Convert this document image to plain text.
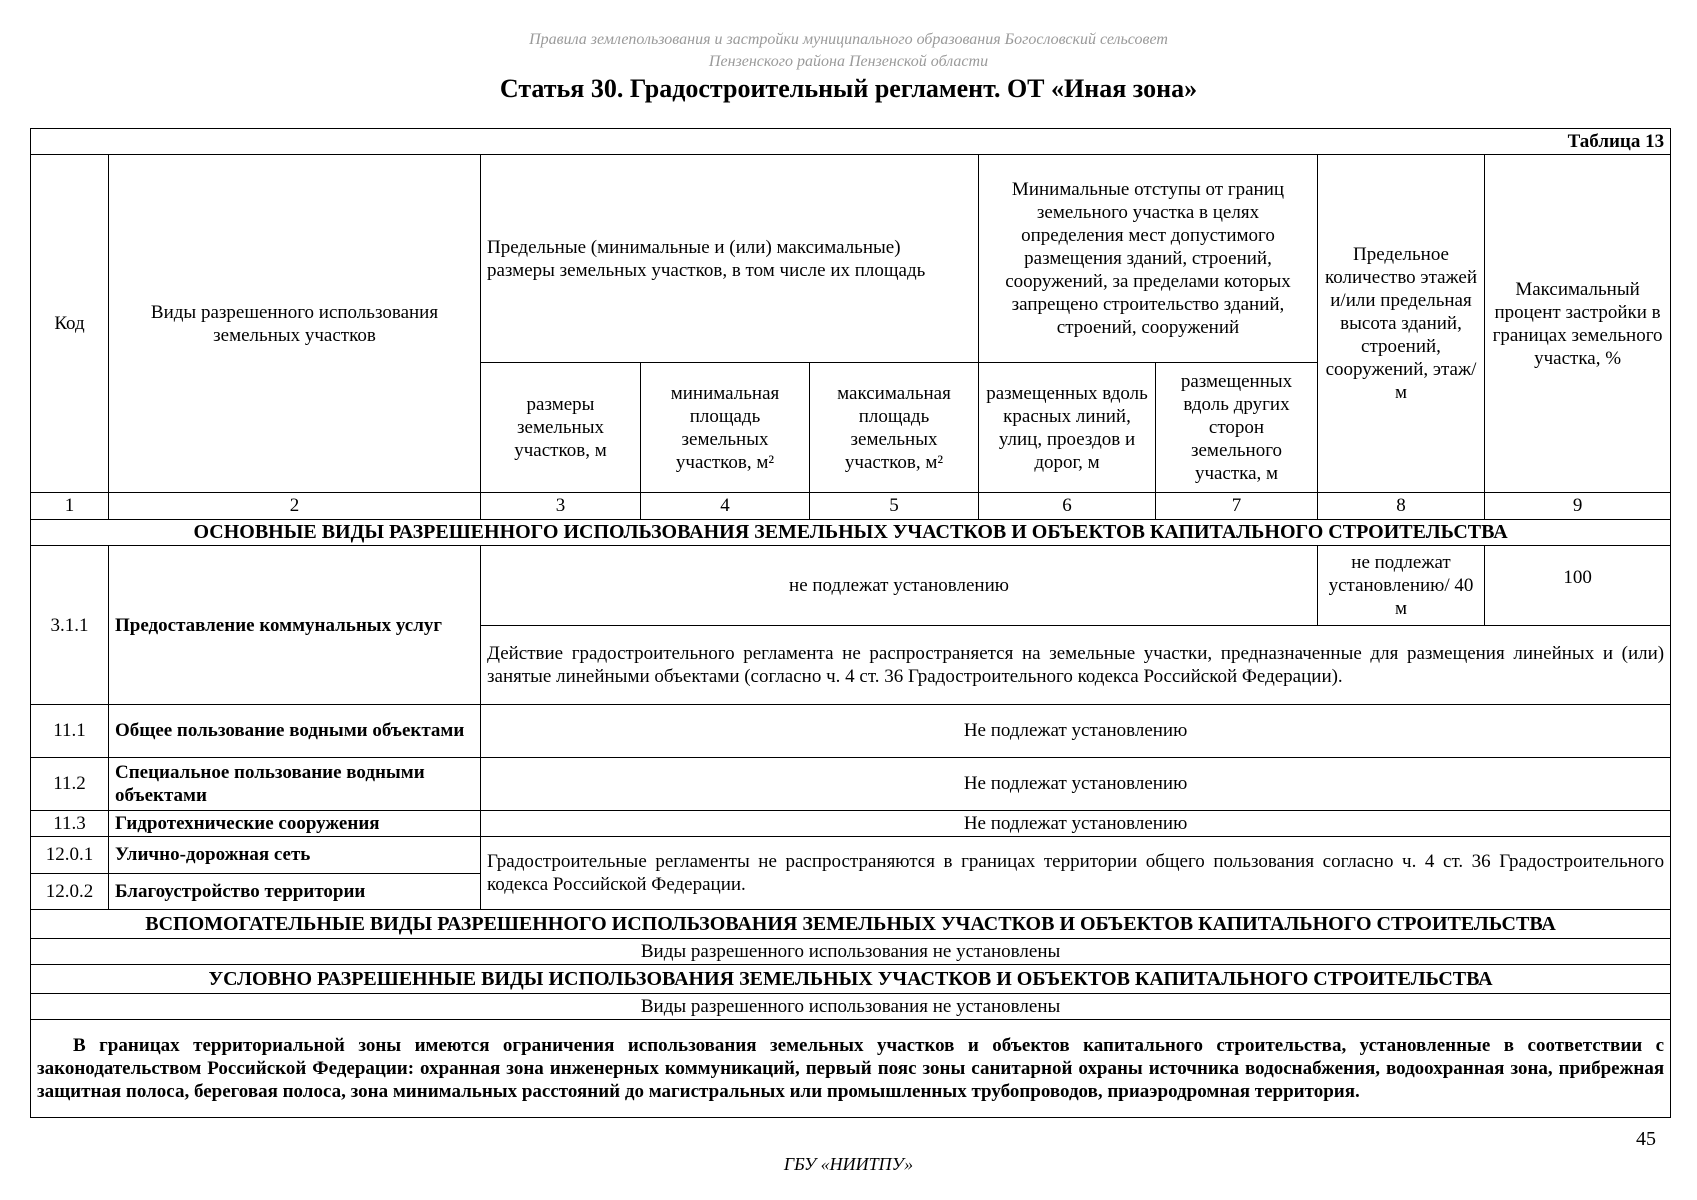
Правила землепользования и застройки муниципального образования Богословский сельсовет
Пензенского района Пензенской области
Статья 30. Градостроительный регламент. ОТ «Иная зона»
Таблица 13								
Код	Виды разрешенного использования земельных участков	Предельные (минимальные и (или) максимальные) размеры земельных участков, в том числе их площадь			Минимальные отступы от границ земельного участка в целях определения мест допустимого размещения зданий, строений, сооружений, за пределами которых запрещено строительство зданий, строений, сооружений		Предельное количество этажей и/или предельная высота зданий, строений, сооружений, этаж/м	Максимальный процент застройки в границах земельного участка, %
		размеры земельных участков, м	минимальная площадь земельных участков, м²	максимальная площадь земельных участков, м²	размещенных вдоль красных линий, улиц, проездов и дорог, м	размещенных вдоль других сторон земельного участка, м		
1	2	3	4	5	6	7	8	9
ОСНОВНЫЕ ВИДЫ РАЗРЕШЕННОГО ИСПОЛЬЗОВАНИЯ ЗЕМЕЛЬНЫХ УЧАСТКОВ И ОБЪЕКТОВ КАПИТАЛЬНОГО СТРОИТЕЛЬСТВА								
3.1.1	Предоставление коммунальных услуг	не подлежат установлению					не подлежат установлению/ 40 м	100
		Действие градостроительного регламента не распространяется на земельные участки, предназначенные для размещения линейных и (или) занятые линейными объектами (согласно ч. 4 ст. 36 Градостроительного кодекса Российской Федерации).						
11.1	Общее пользование водными объектами	Не подлежат установлению						
11.2	Специальное пользование водными объектами	Не подлежат установлению						
11.3	Гидротехнические сооружения	Не подлежат установлению						
12.0.1	Улично-дорожная сеть	Градостроительные регламенты не распространяются в границах территории общего пользования согласно ч. 4 ст. 36 Градостроительного кодекса Российской Федерации.						
12.0.2	Благоустройство территории							
ВСПОМОГАТЕЛЬНЫЕ ВИДЫ РАЗРЕШЕННОГО ИСПОЛЬЗОВАНИЯ ЗЕМЕЛЬНЫХ УЧАСТКОВ И ОБЪЕКТОВ КАПИТАЛЬНОГО СТРОИТЕЛЬСТВА								
Виды разрешенного использования не установлены								
УСЛОВНО РАЗРЕШЕННЫЕ ВИДЫ ИСПОЛЬЗОВАНИЯ ЗЕМЕЛЬНЫХ УЧАСТКОВ И ОБЪЕКТОВ КАПИТАЛЬНОГО СТРОИТЕЛЬСТВА								
Виды разрешенного использования не установлены								
В границах территориальной зоны имеются ограничения использования земельных участков и объектов капитального строительства, установленные в соответствии с законодательством Российской Федерации: охранная зона инженерных коммуникаций, первый пояс зоны санитарной охраны источника водоснабжения, водоохранная зона, прибрежная защитная полоса, береговая полоса, зона минимальных расстояний до магистральных или промышленных трубопроводов, приаэродромная территория.								
45
ГБУ «НИИТПУ»
